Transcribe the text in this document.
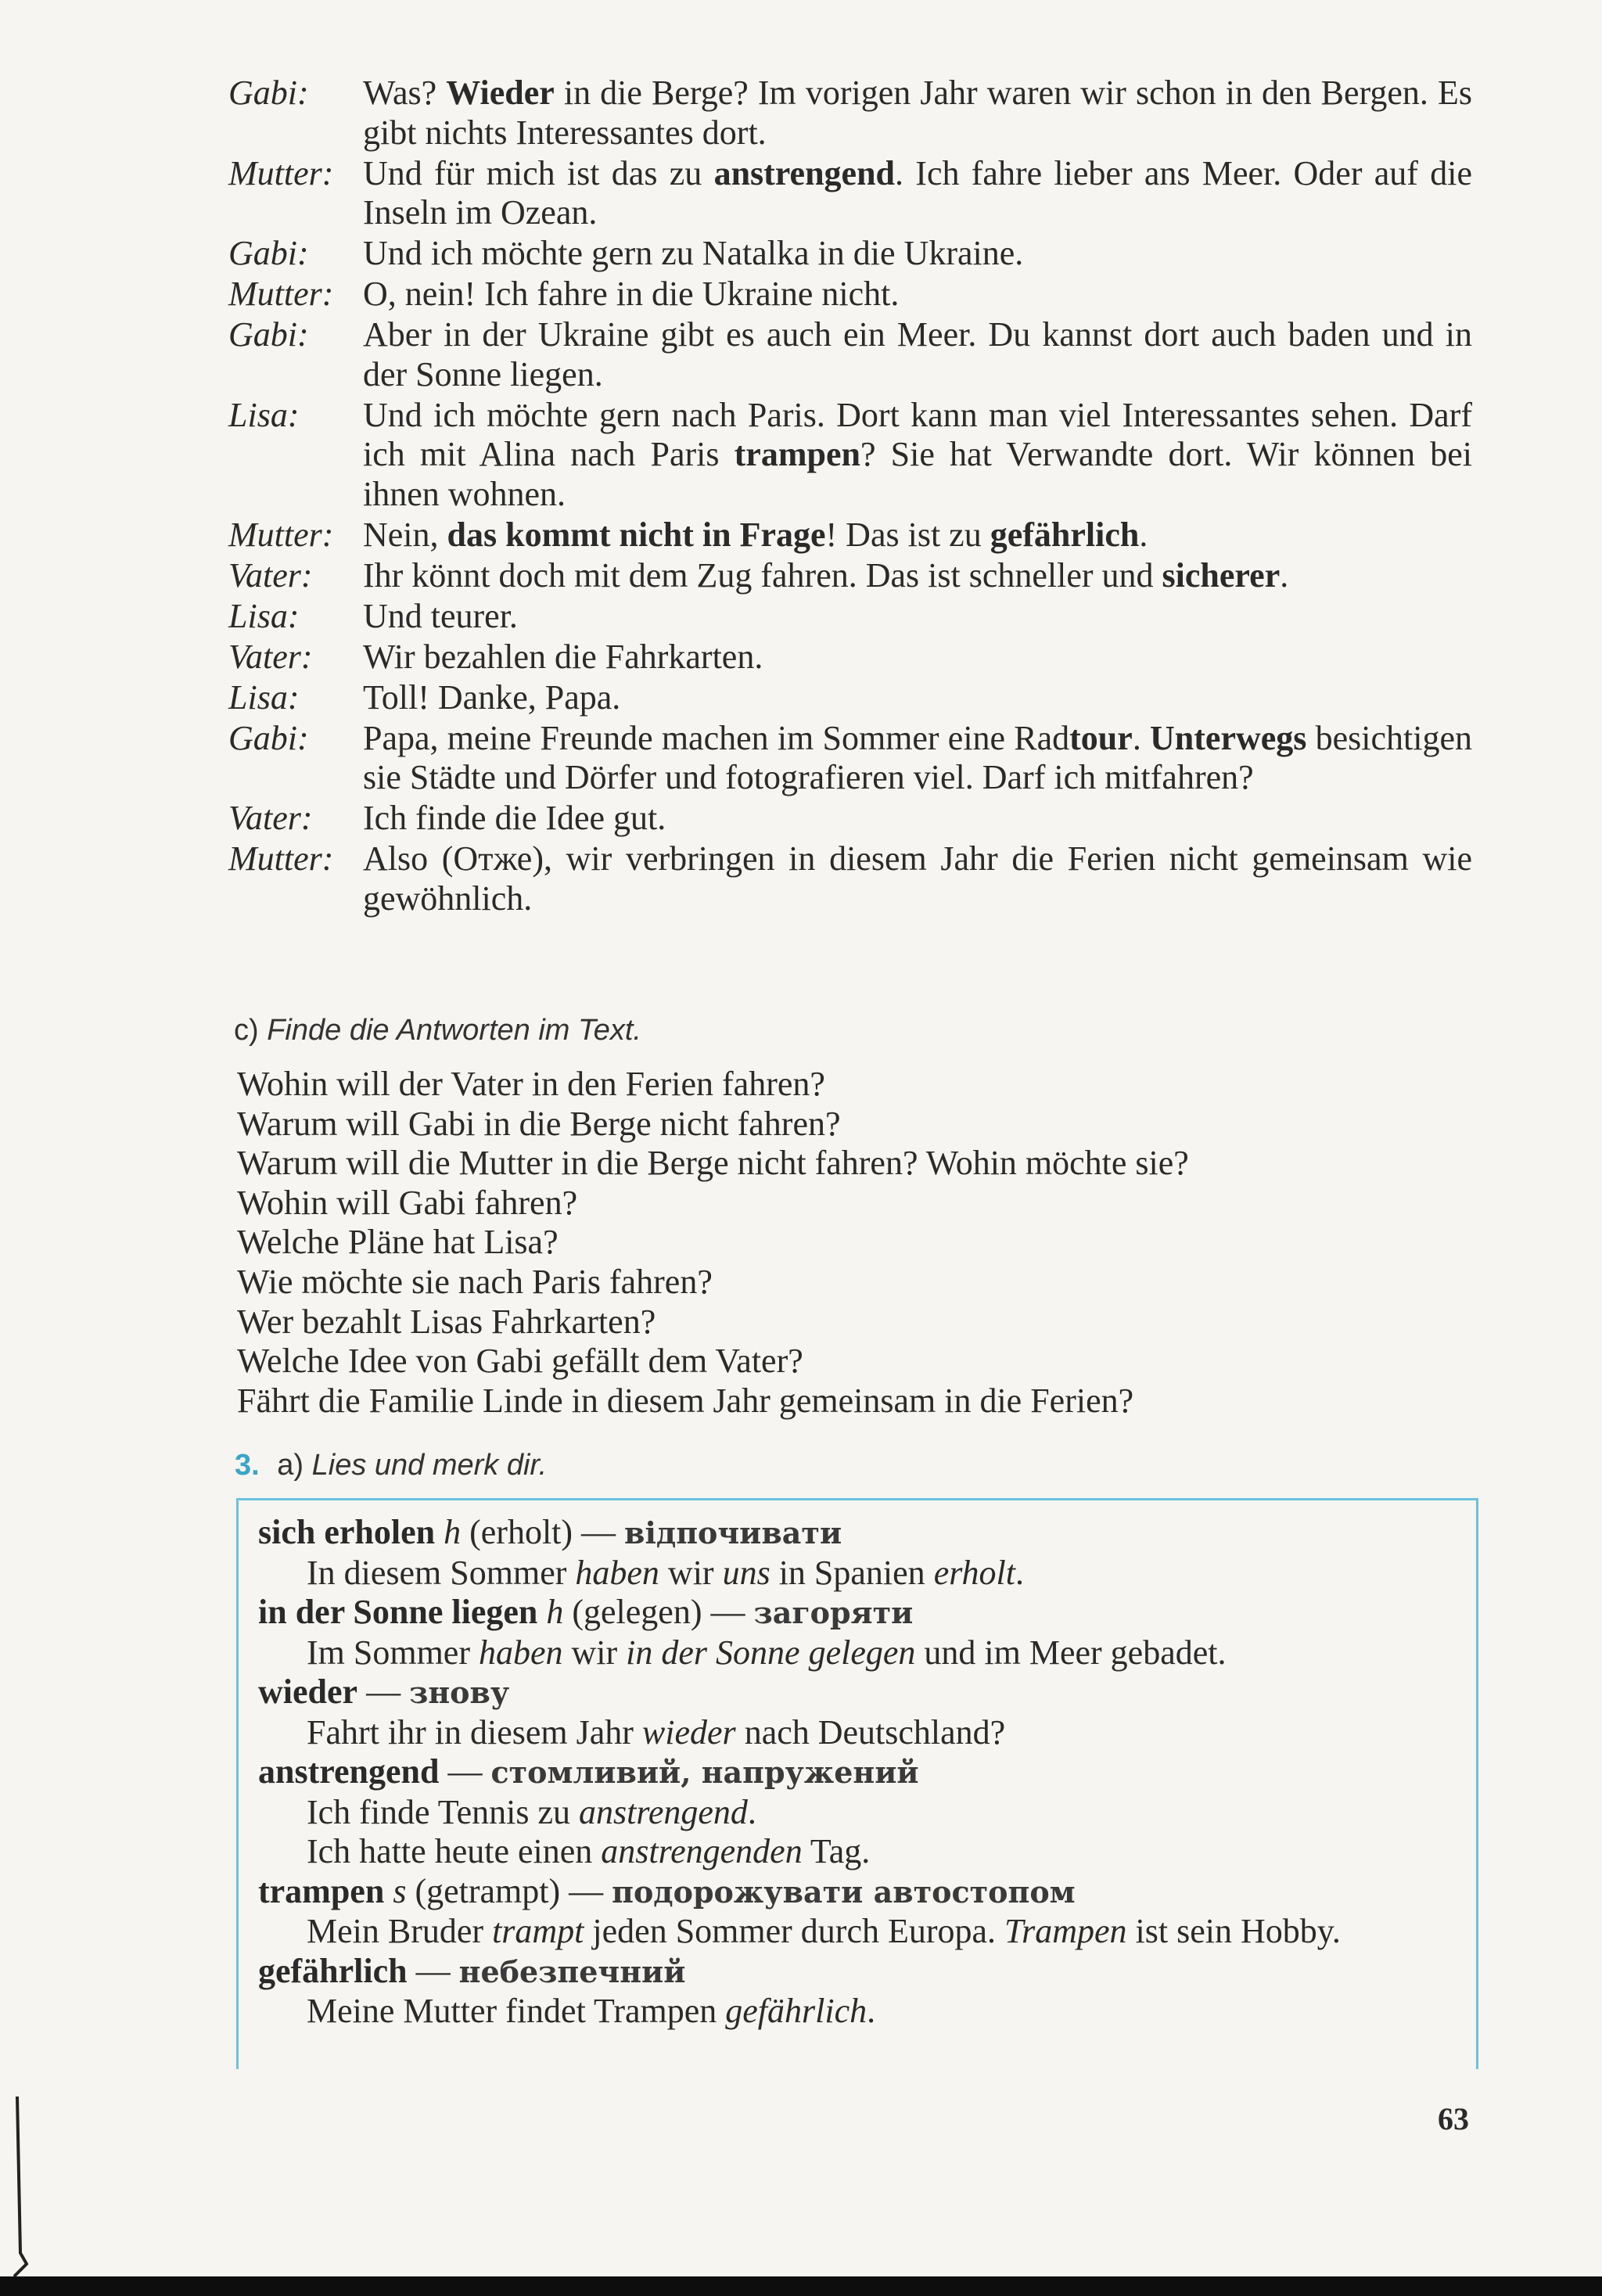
Gabi:	Was? Wieder in die Berge? Im vorigen Jahr waren wir schon in den Bergen. Es gibt nichts Interessantes dort.
Mutter: Und für mich ist das zu anstrengend. Ich fahre lieber ans Meer. Oder auf die Inseln im Ozean.
Gabi:	Und ich möchte gern zu Natalka in die Ukraine.
Mutter: O, nein! Ich fahre in die Ukraine nicht.
Gabi:	Aber in der Ukraine gibt es auch ein Meer. Du kannst dort auch baden und in der Sonne liegen.
Lisa:	Und ich möchte gern nach Paris. Dort kann man viel Interessantes sehen. Darf ich mit Alina nach Paris trampen? Sie hat Verwandte dort. Wir können bei ihnen wohnen.
Mutter: Nein, das kommt nicht in Frage! Das ist zu gefährlich.
Vater:	Ihr könnt doch mit dem Zug fahren. Das ist schneller und sicherer.
Lisa:	Und teurer.
Vater:	Wir bezahlen die Fahrkarten.
Lisa:	Toll! Danke, Papa.
Gabi:	Papa, meine Freunde machen im Sommer eine Radtour. Unterwegs besichtigen sie Städte und Dörfer und fotografieren viel. Darf ich mitfahren?
Vater:	Ich finde die Idee gut.
Mutter: Also (Отже), wir verbringen in diesem Jahr die Ferien nicht gemeinsam wie gewöhnlich.
c) Finde die Antworten im Text.
Wohin will der Vater in den Ferien fahren?
Warum will Gabi in die Berge nicht fahren?
Warum will die Mutter in die Berge nicht fahren? Wohin möchte sie?
Wohin will Gabi fahren?
Welche Pläne hat Lisa?
Wie möchte sie nach Paris fahren?
Wer bezahlt Lisas Fahrkarten?
Welche Idee von Gabi gefällt dem Vater?
Fährt die Familie Linde in diesem Jahr gemeinsam in die Ferien?
3. a) Lies und merk dir.
sich erholen h (erholt) — відпочивати
In diesem Sommer haben wir uns in Spanien erholt.
in der Sonne liegen h (gelegen) — загоряти
Im Sommer haben wir in der Sonne gelegen und im Meer gebadet.
wieder — знову
Fahrt ihr in diesem Jahr wieder nach Deutschland?
anstrengend — стомливий, напружений
Ich finde Tennis zu anstrengend.
Ich hatte heute einen anstrengenden Tag.
trampen s (getrampt) — подорожувати автостопом
Mein Bruder trampt jeden Sommer durch Europa. Trampen ist sein Hobby.
gefährlich — небезпечний
Meine Mutter findet Trampen gefährlich.
63
